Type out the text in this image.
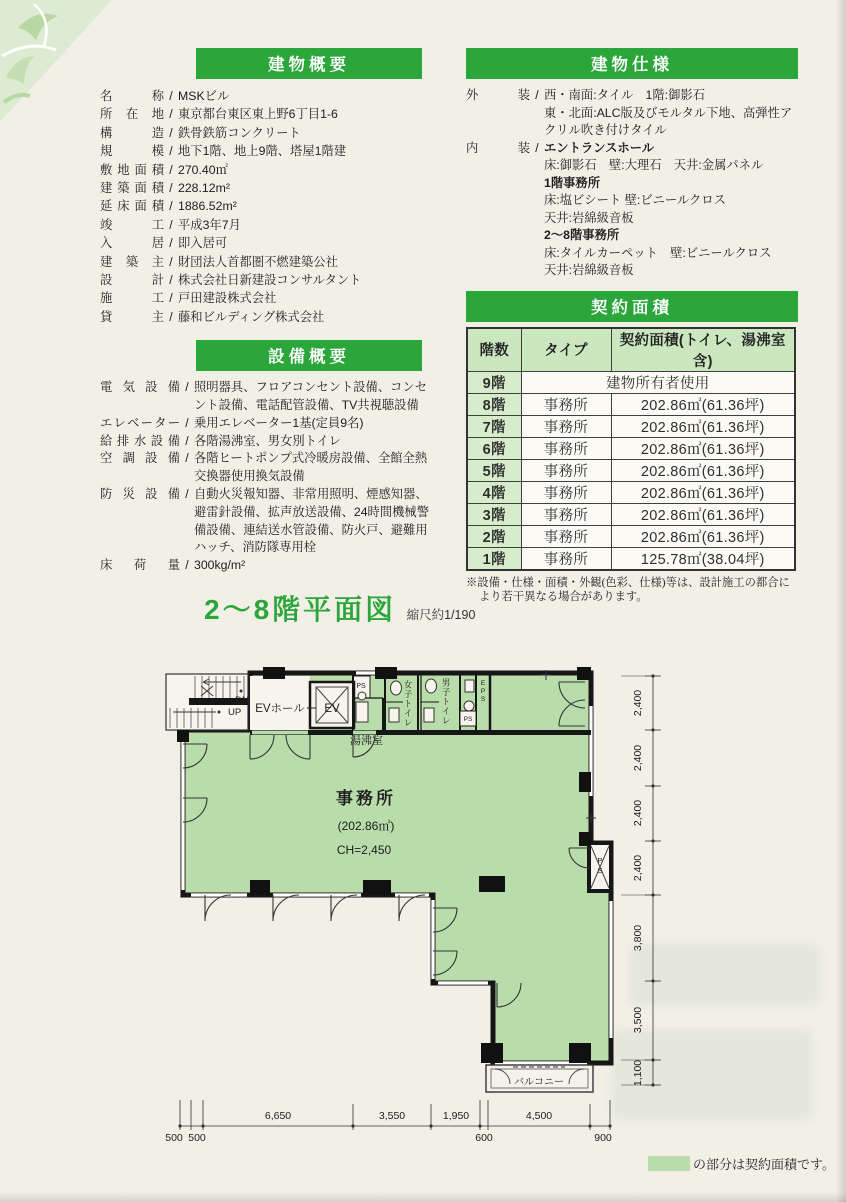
建物概要
名称 / MSKビル
所在地 / 東京都台東区東上野6丁目1-6
構造 / 鉄骨鉄筋コンクリート
規模 / 地下1階、地上9階、塔屋1階建
敷地面積 / 270.40㎡
建築面積 / 228.12m²
延床面積 / 1886.52m²
竣工 / 平成3年7月
入居 / 即入居可
建築主 / 財団法人首都圏不燃建築公社
設計 / 株式会社日新建設コンサルタント
施工 / 戸田建設株式会社
貸主 / 藤和ビルディング株式会社
設備概要
電気設備 / 照明器具、フロアコンセント設備、コンセント設備、電話配管設備、TV共視聴設備
エレベーター / 乗用エレベーター1基(定員9名)
給排水設備 / 各階湯沸室、男女別トイレ
空調設備 / 各階ヒートポンプ式冷暖房設備、全館全熱交換器使用換気設備
防災設備 / 自動火災報知器、非常用照明、煙感知器、避雷針設備、拡声放送設備、24時間機械警備設備、連結送水管設備、防火戸、避難用ハッチ、消防隊専用栓
床荷量 / 300kg/m²
建物仕様
外装 / 西・南面:タイル　1階:御影石
東・北面:ALC版及びモルタル下地、高弾性アクリル吹き付けタイル
内装 / エントランスホール
床:御影石　壁:大理石　天井:金属パネル
1階事務所
床:塩ビシート 壁:ビニールクロス
天井:岩綿級音板
2〜8階事務所
床:タイルカーペット　壁:ビニールクロス
天井:岩綿級音板
契約面積
階数	タイプ	契約面積(トイレ、湯沸室含)
9階	建物所有者使用	
8階	事務所	202.86㎡(61.36坪)
7階	事務所	202.86㎡(61.36坪)
6階	事務所	202.86㎡(61.36坪)
5階	事務所	202.86㎡(61.36坪)
4階	事務所	202.86㎡(61.36坪)
3階	事務所	202.86㎡(61.36坪)
2階	事務所	202.86㎡(61.36坪)
1階	事務所	125.78㎡(38.04坪)
※設備・仕様・面積・外観(色彩、仕様)等は、設計施工の都合により若干異なる場合があります。
2〜8階平面図 縮尺約1/190
EVホール EV
DN
UP
PS
PS
EPS
湯沸室
女子トイレ	男子トイレ
PS
事務所
(202.86㎡)
CH=2,450
バルコニー
2,400
2,400
2,400
2,400
3,800
3,500
1,100
6,650	3,550	1,950	4,500
500 500	600	900
の部分は契約面積です。
